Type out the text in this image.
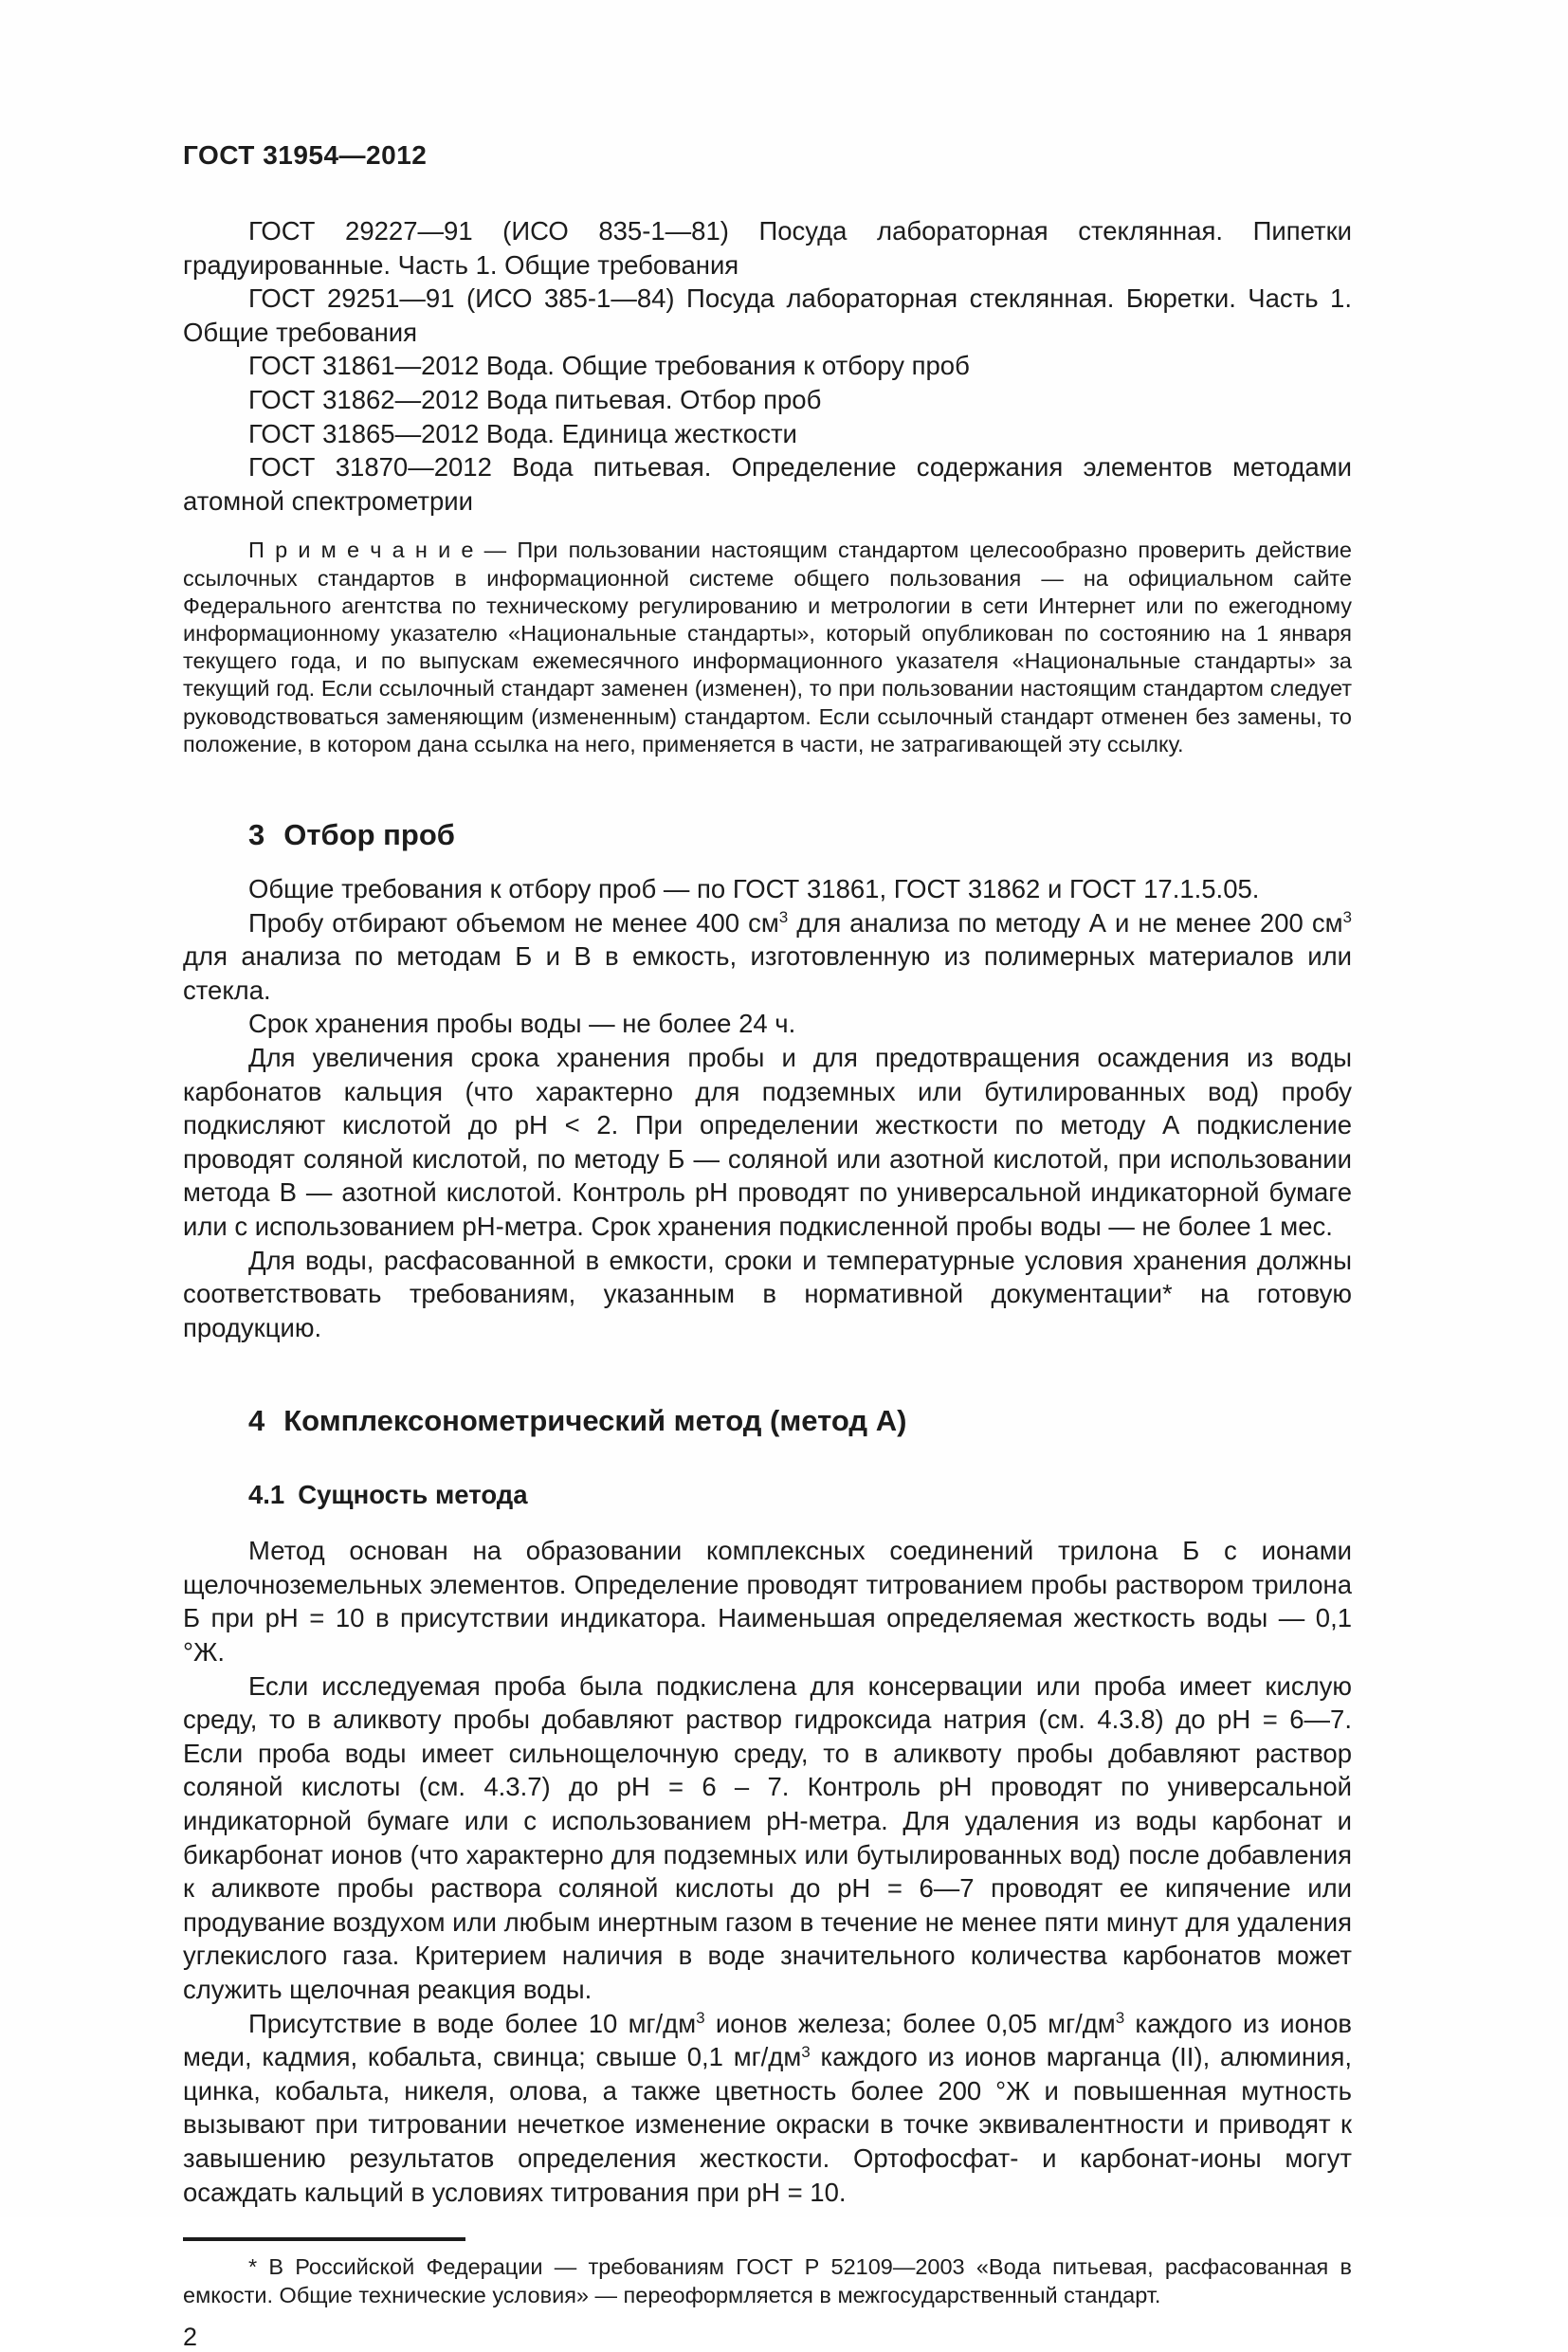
ГОСТ 31954—2012

ГОСТ 29227—91 (ИСО 835-1—81) Посуда лабораторная стеклянная. Пипетки градуированные. Часть 1. Общие требования

ГОСТ 29251—91 (ИСО 385-1—84) Посуда лабораторная стеклянная. Бюретки. Часть 1. Общие требования

ГОСТ 31861—2012 Вода. Общие требования к отбору проб

ГОСТ 31862—2012 Вода питьевая. Отбор проб

ГОСТ 31865—2012 Вода. Единица жесткости

ГОСТ 31870—2012 Вода питьевая. Определение содержания элементов методами атомной спектрометрии

П р и м е ч а н и е — При пользовании настоящим стандартом целесообразно проверить действие ссылочных стандартов в информационной системе общего пользования — на официальном сайте Федерального агентства по техническому регулированию и метрологии в сети Интернет или по ежегодному информационному указателю «Национальные стандарты», который опубликован по состоянию на 1 января текущего года, и по выпускам ежемесячного информационного указателя «Национальные стандарты» за текущий год. Если ссылочный стандарт заменен (изменен), то при пользовании настоящим стандартом следует руководствоваться заменяющим (измененным) стандартом. Если ссылочный стандарт отменен без замены, то положение, в котором дана ссылка на него, применяется в части, не затрагивающей эту ссылку.

3 Отбор проб

Общие требования к отбору проб — по ГОСТ 31861, ГОСТ 31862 и ГОСТ 17.1.5.05.

Пробу отбирают объемом не менее 400 $см^3$ для анализа по методу А и не менее 200 $см^3$ для анализа по методам Б и В в емкость, изготовленную из полимерных материалов или стекла.

Срок хранения пробы воды — не более 24 ч.

Для увеличения срока хранения пробы и для предотвращения осаждения из воды карбонатов кальция (что характерно для подземных или бутилированных вод) пробу подкисляют кислотой до pH < 2. При определении жесткости по методу А подкисление проводят соляной кислотой, по методу Б — соляной или азотной кислотой, при использовании метода В — азотной кислотой. Контроль pH проводят по универсальной индикаторной бумаге или с использованием pH-метра. Срок хранения подкисленной пробы воды — не более 1 мес.

Для воды, расфасованной в емкости, сроки и температурные условия хранения должны соответствовать требованиям, указанным в нормативной документации* на готовую продукцию.

4 Комплексонометрический метод (метод А)
4.1 Сущность метода

Метод основан на образовании комплексных соединений трилона Б с ионами щелочноземельных элементов. Определение проводят титрованием пробы раствором трилона Б при pH = 10 в присутствии индикатора. Наименьшая определяемая жесткость воды — 0,1 °Ж.

Если исследуемая проба была подкислена для консервации или проба имеет кислую среду, то в аликвоту пробы добавляют раствор гидроксида натрия (см. 4.3.8) до pH = 6—7. Если проба воды имеет сильнощелочную среду, то в аликвоту пробы добавляют раствор соляной кислоты (см. 4.3.7) до pH = 6 – 7. Контроль pH проводят по универсальной индикаторной бумаге или с использованием pH-метра. Для удаления из воды карбонат и бикарбонат ионов (что характерно для подземных или бутылированных вод) после добавления к аликвоте пробы раствора соляной кислоты до pH = 6—7 проводят ее кипячение или продувание воздухом или любым инертным газом в течение не менее пяти минут для удаления углекислого газа. Критерием наличия в воде значительного количества карбонатов может служить щелочная реакция воды.

Присутствие в воде более 10 $мг/дм^3$ ионов железа; более 0,05 $мг/дм^3$ каждого из ионов меди, кадмия, кобальта, свинца; свыше 0,1 $мг/дм^3$ каждого из ионов марганца (II), алюминия, цинка, кобальта, никеля, олова, а также цветность более 200 °Ж и повышенная мутность вызывают при титровании нечеткое изменение окраски в точке эквивалентности и приводят к завышению результатов определения жесткости. Ортофосфат- и карбонат-ионы могут осаждать кальций в условиях титрования при pH = 10.

* В Российской Федерации — требованиям ГОСТ Р 52109—2003 «Вода питьевая, расфасованная в емкости. Общие технические условия» — переоформляется в межгосударственный стандарт.

2
